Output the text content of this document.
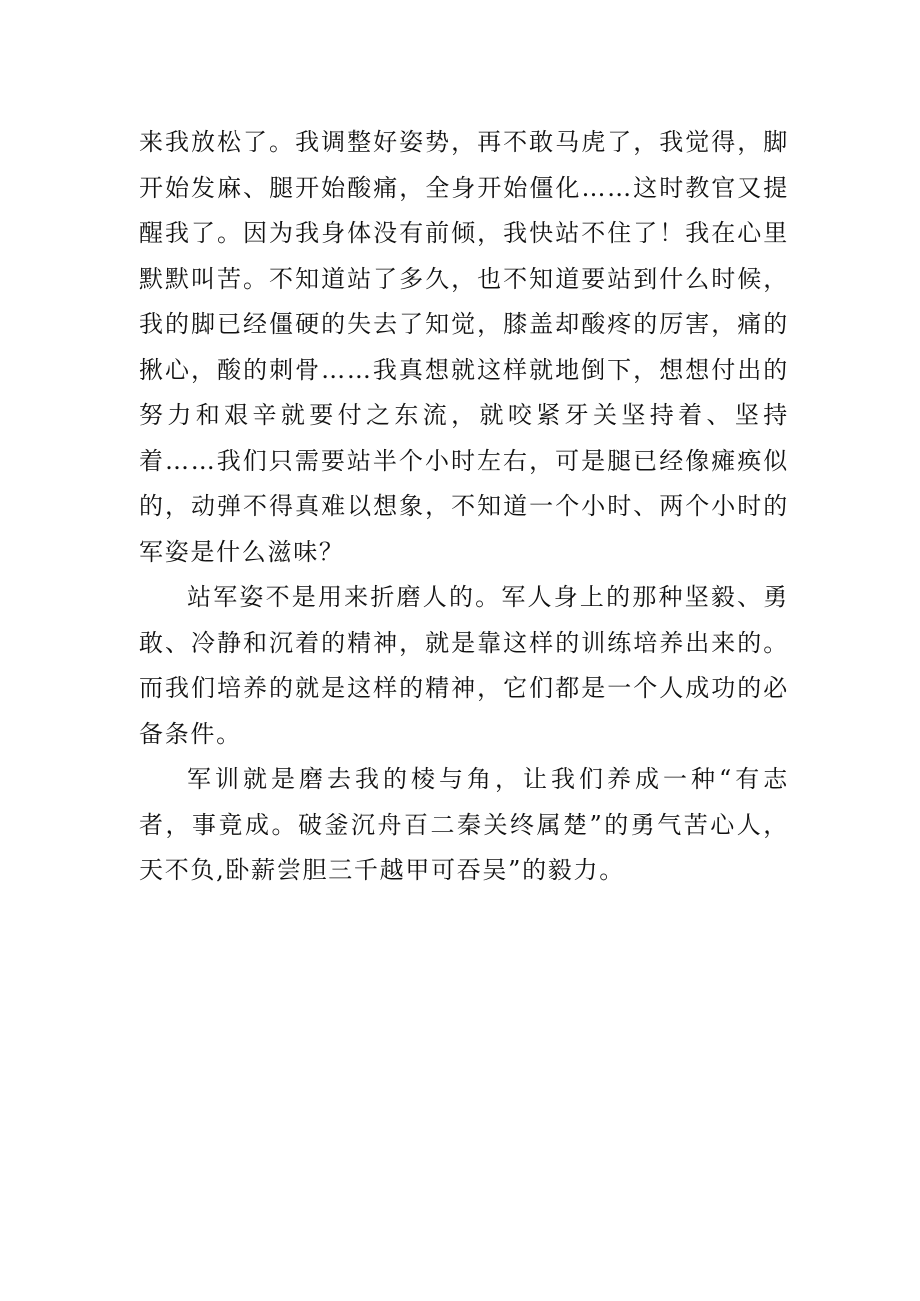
来我放松了。我调整好姿势，再不敢马虎了，我觉得，脚开始发麻、腿开始酸痛，全身开始僵化……这时教官又提醒我了。因为我身体没有前倾，我快站不住了！我在心里默默叫苦。不知道站了多久，也不知道要站到什么时候，我的脚已经僵硬的失去了知觉，膝盖却酸疼的厉害，痛的揪心，酸的刺骨……我真想就这样就地倒下，想想付出的努力和艰辛就要付之东流，就咬紧牙关坚持着、坚持着……我们只需要站半个小时左右，可是腿已经像瘫痪似的，动弹不得真难以想象，不知道一个小时、两个小时的军姿是什么滋味？

站军姿不是用来折磨人的。军人身上的那种坚毅、勇敢、冷静和沉着的精神，就是靠这样的训练培养出来的。而我们培养的就是这样的精神，它们都是一个人成功的必备条件。

军训就是磨去我的棱与角，让我们养成一种“有志者，事竟成。破釜沉舟百二秦关终属楚”的勇气苦心人，天不负,卧薪尝胆三千越甲可吞吴”的毅力。
